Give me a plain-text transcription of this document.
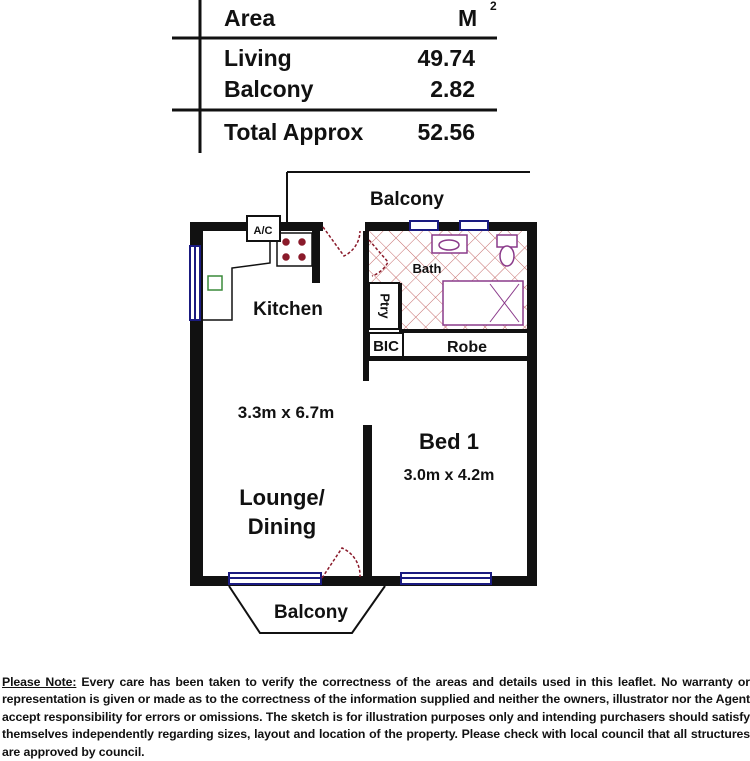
Area	M 2
Living	49.74
Balcony	2.82
Total Approx	52.56
A/C
Ptry
BIC
Balcony
Bath
Kitchen
Robe
3.3m x 6.7m
Lounge/
Dining
Bed 1
3.0m x 4.2m
Balcony
Please Note: Every care has been taken to verify the correctness of the areas and details used in this leaflet. No warranty or representation is given or made as to the correctness of the information supplied and neither the owners, illustrator nor the Agent accept responsibility for errors or omissions. The sketch is for illustration purposes only and intending purchasers should satisfy themselves independently regarding sizes, layout and location of the property. Please check with local council that all structures are approved by council.
